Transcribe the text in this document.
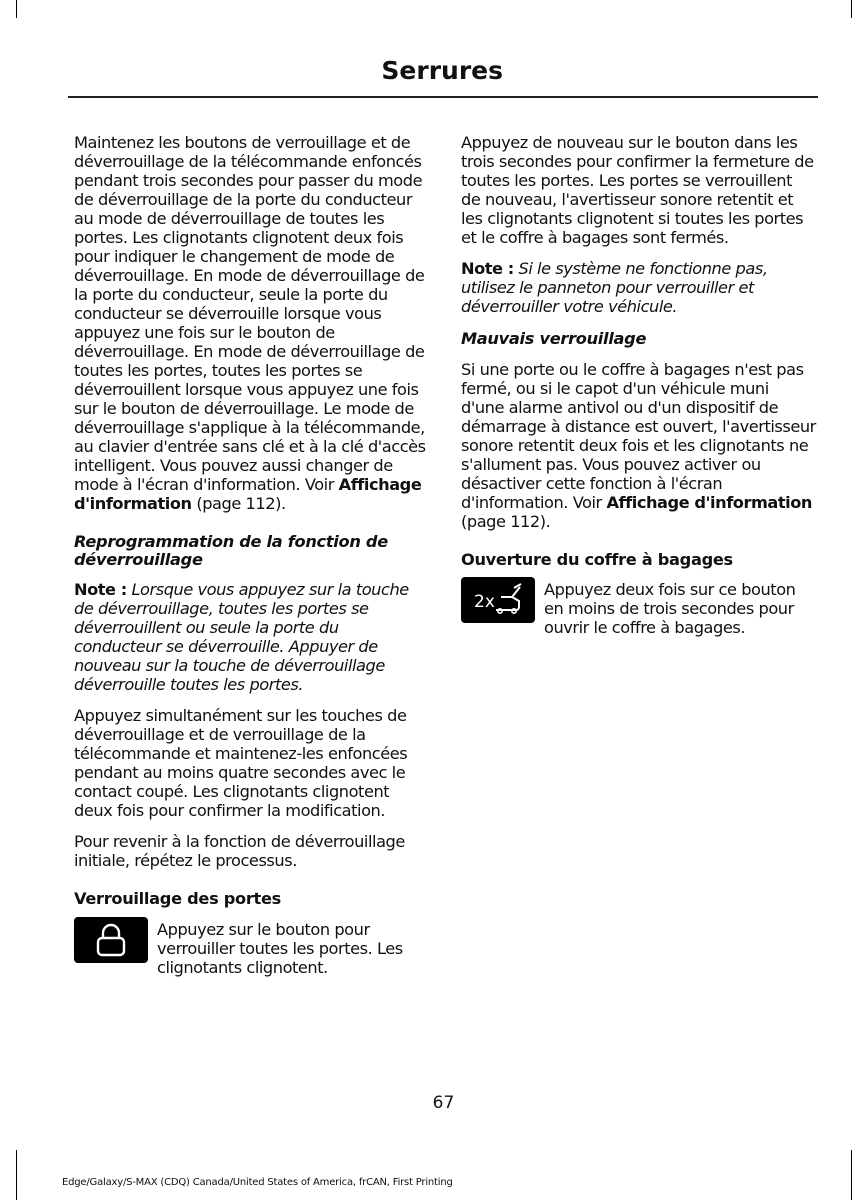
Serrures

Maintenez les boutons de verrouillage et de déverrouillage de la télécommande enfoncés pendant trois secondes pour passer du mode de déverrouillage de la porte du conducteur au mode de déverrouillage de toutes les portes. Les clignotants clignotent deux fois pour indiquer le changement de mode de déverrouillage. En mode de déverrouillage de la porte du conducteur, seule la porte du conducteur se déverrouille lorsque vous appuyez une fois sur le bouton de déverrouillage. En mode de déverrouillage de toutes les portes, toutes les portes se déverrouillent lorsque vous appuyez une fois sur le bouton de déverrouillage. Le mode de déverrouillage s'applique à la télécommande, au clavier d'entrée sans clé et à la clé d'accès intelligent. Vous pouvez aussi changer de mode à l'écran d'information. Voir Affichage d'information (page 112).

Reprogrammation de la fonction de déverrouillage

Note : Lorsque vous appuyez sur la touche de déverrouillage, toutes les portes se déverrouillent ou seule la porte du conducteur se déverrouille. Appuyer de nouveau sur la touche de déverrouillage déverrouille toutes les portes.

Appuyez simultanément sur les touches de déverrouillage et de verrouillage de la télécommande et maintenez-les enfoncées pendant au moins quatre secondes avec le contact coupé. Les clignotants clignotent deux fois pour confirmer la modification.

Pour revenir à la fonction de déverrouillage initiale, répétez le processus.

Verrouillage des portes

Appuyez sur le bouton pour verrouiller toutes les portes. Les clignotants clignotent.

Appuyez de nouveau sur le bouton dans les trois secondes pour confirmer la fermeture de toutes les portes. Les portes se verrouillent de nouveau, l'avertisseur sonore retentit et les clignotants clignotent si toutes les portes et le coffre à bagages sont fermés.

Note : Si le système ne fonctionne pas, utilisez le panneton pour verrouiller et déverrouiller votre véhicule.

Mauvais verrouillage

Si une porte ou le coffre à bagages n'est pas fermé, ou si le capot d'un véhicule muni d'une alarme antivol ou d'un dispositif de démarrage à distance est ouvert, l'avertisseur sonore retentit deux fois et les clignotants ne s'allument pas. Vous pouvez activer ou désactiver cette fonction à l'écran d'information. Voir Affichage d'information (page 112).

Ouverture du coffre à bagages
2x

Appuyez deux fois sur ce bouton en moins de trois secondes pour ouvrir le coffre à bagages.

67
Edge/Galaxy/S-MAX (CDQ) Canada/United States of America, frCAN, First Printing
